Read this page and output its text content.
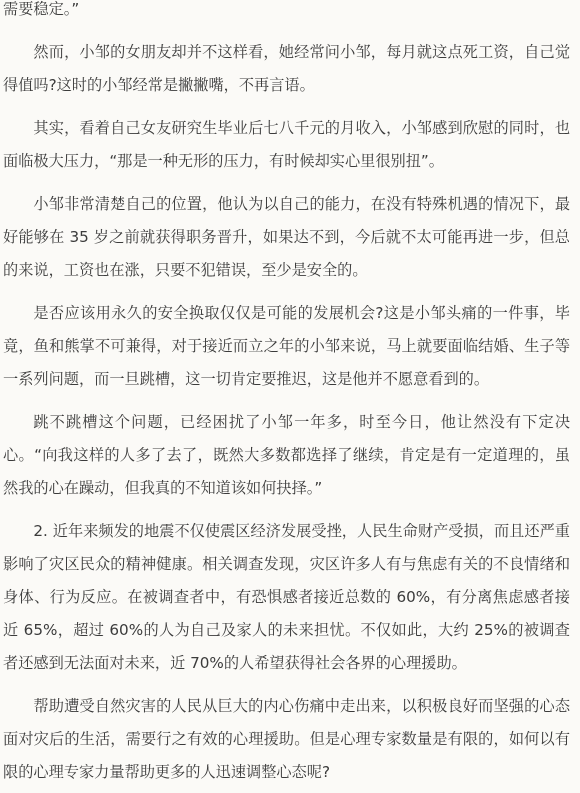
需要稳定。”

然而，小邹的女朋友却并不这样看，她经常问小邹，每月就这点死工资，自己觉得值吗?这时的小邹经常是撇撇嘴，不再言语。

其实，看着自己女友研究生毕业后七八千元的月收入，小邹感到欣慰的同时，也面临极大压力，“那是一种无形的压力，有时候却实心里很别扭”。

小邹非常清楚自己的位置，他认为以自己的能力，在没有特殊机遇的情况下，最好能够在 35 岁之前就获得职务晋升，如果达不到，今后就不太可能再进一步，但总的来说，工资也在涨，只要不犯错误，至少是安全的。

是否应该用永久的安全换取仅仅是可能的发展机会?这是小邹头痛的一件事，毕竟，鱼和熊掌不可兼得，对于接近而立之年的小邹来说，马上就要面临结婚、生子等一系列问题，而一旦跳槽，这一切肯定要推迟，这是他并不愿意看到的。

跳不跳槽这个问题，已经困扰了小邹一年多，时至今日，他让然没有下定决心。“向我这样的人多了去了，既然大多数都选择了继续，肯定是有一定道理的，虽然我的心在躁动，但我真的不知道该如何抉择。”

2. 近年来频发的地震不仅使震区经济发展受挫，人民生命财产受损，而且还严重影响了灾区民众的精神健康。相关调查发现，灾区许多人有与焦虑有关的不良情绪和身体、行为反应。在被调查者中，有恐惧感者接近总数的 60%，有分离焦虑感者接近 65%，超过 60%的人为自己及家人的未来担忧。不仅如此，大约 25%的被调查者还感到无法面对未来，近 70%的人希望获得社会各界的心理援助。

帮助遭受自然灾害的人民从巨大的内心伤痛中走出来，以积极良好而坚强的心态面对灾后的生活，需要行之有效的心理援助。但是心理专家数量是有限的，如何以有限的心理专家力量帮助更多的人迅速调整心态呢?
